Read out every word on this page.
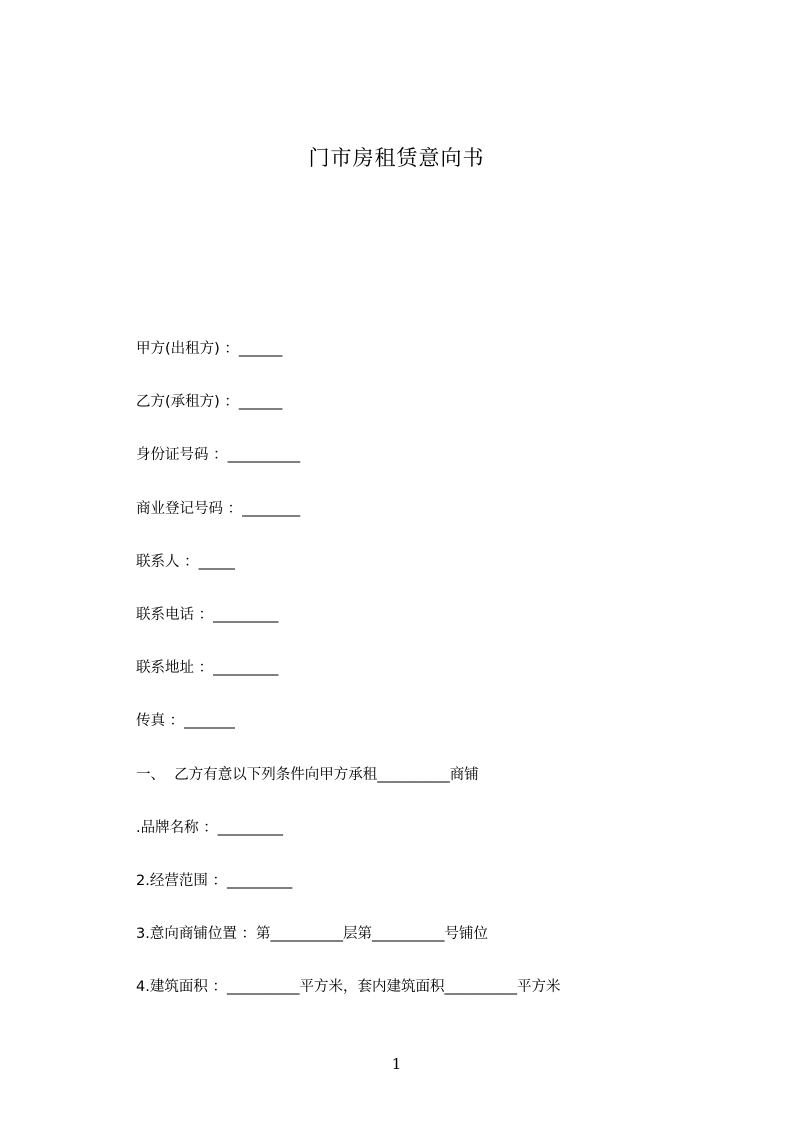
门市房租赁意向书
甲方(出租方) ：______
乙方(承租方) ：______
身份证号码 ：__________
商业登记号码 ：________
联系人 ：_____
联系电话 ：_________
联系地址 ：_________
传真 ：_______
一、  乙方有意以下列条件向甲方承租__________商铺
.品牌名称 ：_________
2.经营范围 ：_________
3.意向商铺位置 ：第__________层第__________号铺位
4.建筑面积 ：__________平方米，套内建筑面积__________平方米
1
